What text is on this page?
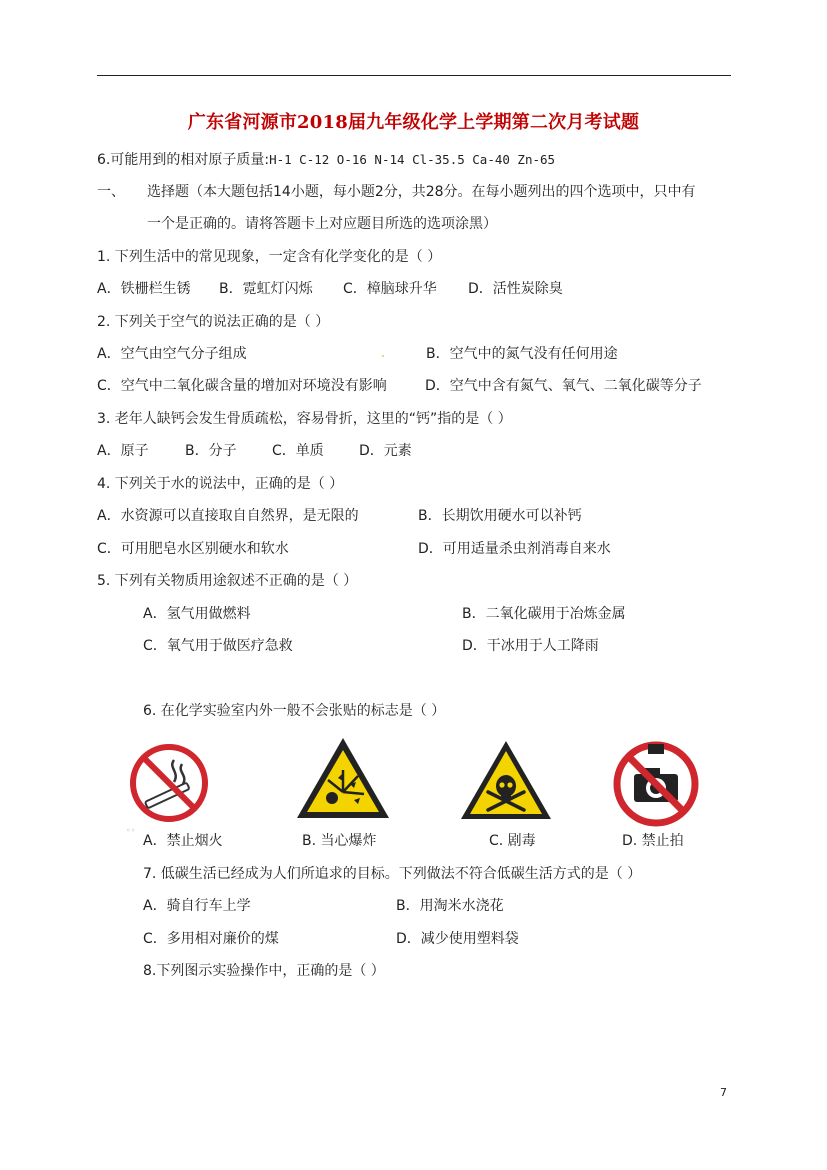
广东省河源市2018届九年级化学上学期第二次月考试题
6.可能用到的相对原子质量:H-1 C-12 O-16 N-14 Cl-35.5 Ca-40 Zn-65
一、 选择题（本大题包括14小题，每小题2分，共28分。在每小题列出的四个选项中，只中有
一个是正确的。请将答题卡上对应题目所选的选项涂黑）
1. 下列生活中的常见现象，一定含有化学变化的是（ ）
A．铁栅栏生锈 B．霓虹灯闪烁 C．樟脑球升华 D．活性炭除臭
2. 下列关于空气的说法正确的是（ ）
A．空气由空气分子组成	B．空气中的氮气没有任何用途
C．空气中二氧化碳含量的增加对环境没有影响	D．空气中含有氮气、氧气、二氧化碳等分子
3. 老年人缺钙会发生骨质疏松，容易骨折，这里的“钙”指的是（ ）
A．原子	B．分子	C．单质	D．元素
4. 下列关于水的说法中，正确的是（ ）
A．水资源可以直接取自自然界，是无限的	B．长期饮用硬水可以补钙
C．可用肥皂水区别硬水和软水	D．可用适量杀虫剂消毒自来水
5. 下列有关物质用途叙述不正确的是（ ）
A．氢气用做燃料	B．二氧化碳用于冶炼金属
C．氧气用于做医疗急救	D．干冰用于人工降雨
6. 在化学实验室内外一般不会张贴的标志是（ ）
◦◦
A．禁止烟火	B. 当心爆炸	C. 剧毒	D. 禁止拍
7. 低碳生活已经成为人们所追求的目标。下列做法不符合低碳生活方式的是（ ）
A．骑自行车上学	B．用淘米水浇花
C．多用相对廉价的煤	D．减少使用塑料袋
8.下列图示实验操作中，正确的是（ ）
7
